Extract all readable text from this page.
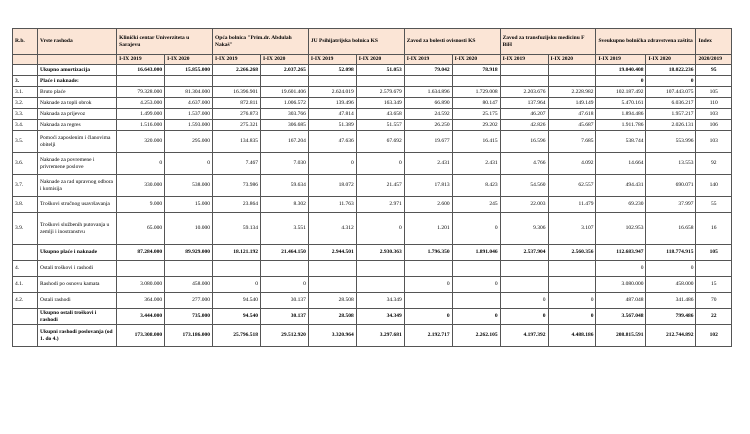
R.b.	Vrste rashoda	Klinički centar Univerziteta u Sarajevu		Opća bolnica "Prim.dr. Abdulah Nakaš"		JU Psihijatrijska bolnica KS		Zavod za bolesti ovisnosti KS		Zavod za transfuzijsku medicinu F BiH		Sveukupno bolnička zdravstvena zaštita		Index
		I-IX 2019	I-IX 2020	I-IX 2019	I-IX 2020	I-IX 2019	I-IX 2020	I-IX 2019	I-IX 2020	I-IX 2019	I-IX 2020	I-IX 2019	I-IX 2020	2020/2019
	Ukupno amortizacija	16.643.000	15.855.000	2.266.268	2.037.265	52.098	51.053	79.042	78.918			19.040.408	18.022.236	95
3.	Plaće i naknade:											0	0	
3.1.	Bruto plaće	79.328.000	81.304.000	16.396.901	19.601.406	2.624.019	2.579.679	1.634.896	1.729.008	2.203.676	2.228.982	102.187.492	107.443.075	105
3.2.	Naknade za topli obrok	4.253.000	4.637.000	872.811	1.006.572	139.496	163.349	66.890	80.147	137.964	149.149	5.470.161	6.036.217	110
3.3.	Naknada za prijevoz	1.499.000	1.537.000	276.873	303.766	47.814	43.658	24.592	25.175	46.207	47.618	1.894.486	1.957.217	103
3.4.	Naknada za regres	1.516.000	1.593.000	275.321	306.685	51.389	51.557	26.250	29.202	42.826	45.687	1.911.786	2.026.131	106
3.5.	Pomoći zaposlenim i članovima obitelji	320.000	295.000	134.835	167.204	47.636	67.692	19.677	16.415	16.596	7.685	538.744	553.996	103
3.6.	Naknade za povremene i privremene poslove	0	0	7.467	7.030	0	0	2.431	2.431	4.766	4.092	14.664	13.553	92
3.7.	Naknade za rad upravnog odbora i komisija	330.000	538.000	73.986	59.634	18.072	21.457	17.813	8.423	54.560	62.557	494.431	690.071	140
3.8.	Troškovi stručnog usavršavanja	9.000	15.000	23.864	8.302	11.763	2.971	2.600	245	22.003	11.479	69.230	37.997	55
3.9.	Troškovi službenih putovanja u zemlji i inostranstvu	65.000	10.000	59.134	3.551	4.312	0	1.201	0	9.306	3.107	102.953	16.658	16
	Ukupno plaće i naknade	87.284.000	89.929.000	18.121.192	21.464.150	2.944.501	2.930.363	1.796.350	1.891.046	2.537.904	2.560.356	112.683.947	118.774.915	105
4.	Ostali troškovi i rashodi											0	0	
4.1.	Rashodi po osnovu kamata	3.080.000	458.000	0	0			0	0			3.080.000	458.000	15
4.2.	Ostali rashodi	364.000	277.000	94.540	30.137	28.508	34.349			0	0	487.048	341.486	70
	Ukupno ostali troškovi i rashodi	3.444.000	735.000	94.540	30.137	28.508	34.349	0	0	0	0	3.567.048	799.486	22
	Ukupni rashodi poslovanja (od 1. do 4.)	173.308.000	173.186.000	25.796.518	29.512.920	3.320.964	3.297.681	2.192.717	2.262.105	4.197.392	4.488.186	208.815.591	212.744.892	102
